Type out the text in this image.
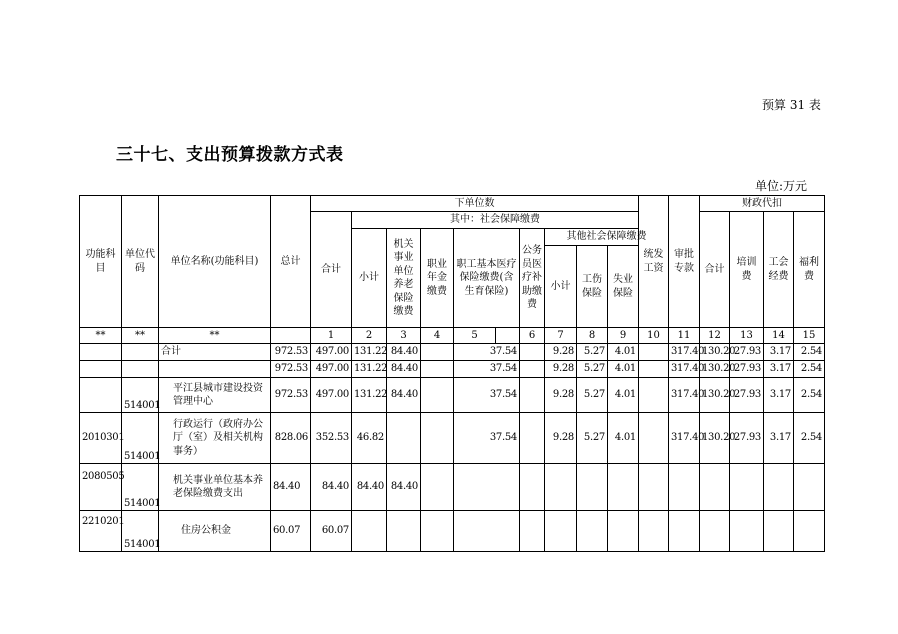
预算 31 表
三十七、支出预算拨款方式表
单位:万元
功能科目	单位代码	单位名称(功能科目)	总计	下单位数										统发工资	审批专款	财政代扣				
				合计	其中：社会保障缴费											合计	培训费	工会经费	福利费	
					小计	机关事业单位养老保险缴费	职业年金缴费	职工基本医疗保险缴费(含生育保险)		公务员医疗补助缴费	其他社会保障缴费									
											小计	工伤保险	失业保险	
**	**	**		1	2	3	4	5		6	7	8	9	10	11	12	13	14	15	
		合计	972.53	497.00	131.22	84.40		37.54			9.28	5.27	4.01		317.40	130.20	27.93	3.17	2.54	
			972.53	497.00	131.22	84.40		37.54			9.28	5.27	4.01		317.40	130.20	27.93	3.17	2.54	
	514001	平江县城市建设投资管理中心	972.53	497.00	131.22	84.40		37.54			9.28	5.27	4.01		317.40	130.20	27.93	3.17	2.54	
2010301	514001	行政运行（政府办公厅（室）及相关机构事务）	828.06	352.53	46.82			37.54			9.28	5.27	4.01		317.40	130.20	27.93	3.17	2.54	
2080505	514001	机关事业单位基本养老保险缴费支出	84.40	84.40	84.40	84.40														
2210201	514001	住房公积金	60.07	60.07																
